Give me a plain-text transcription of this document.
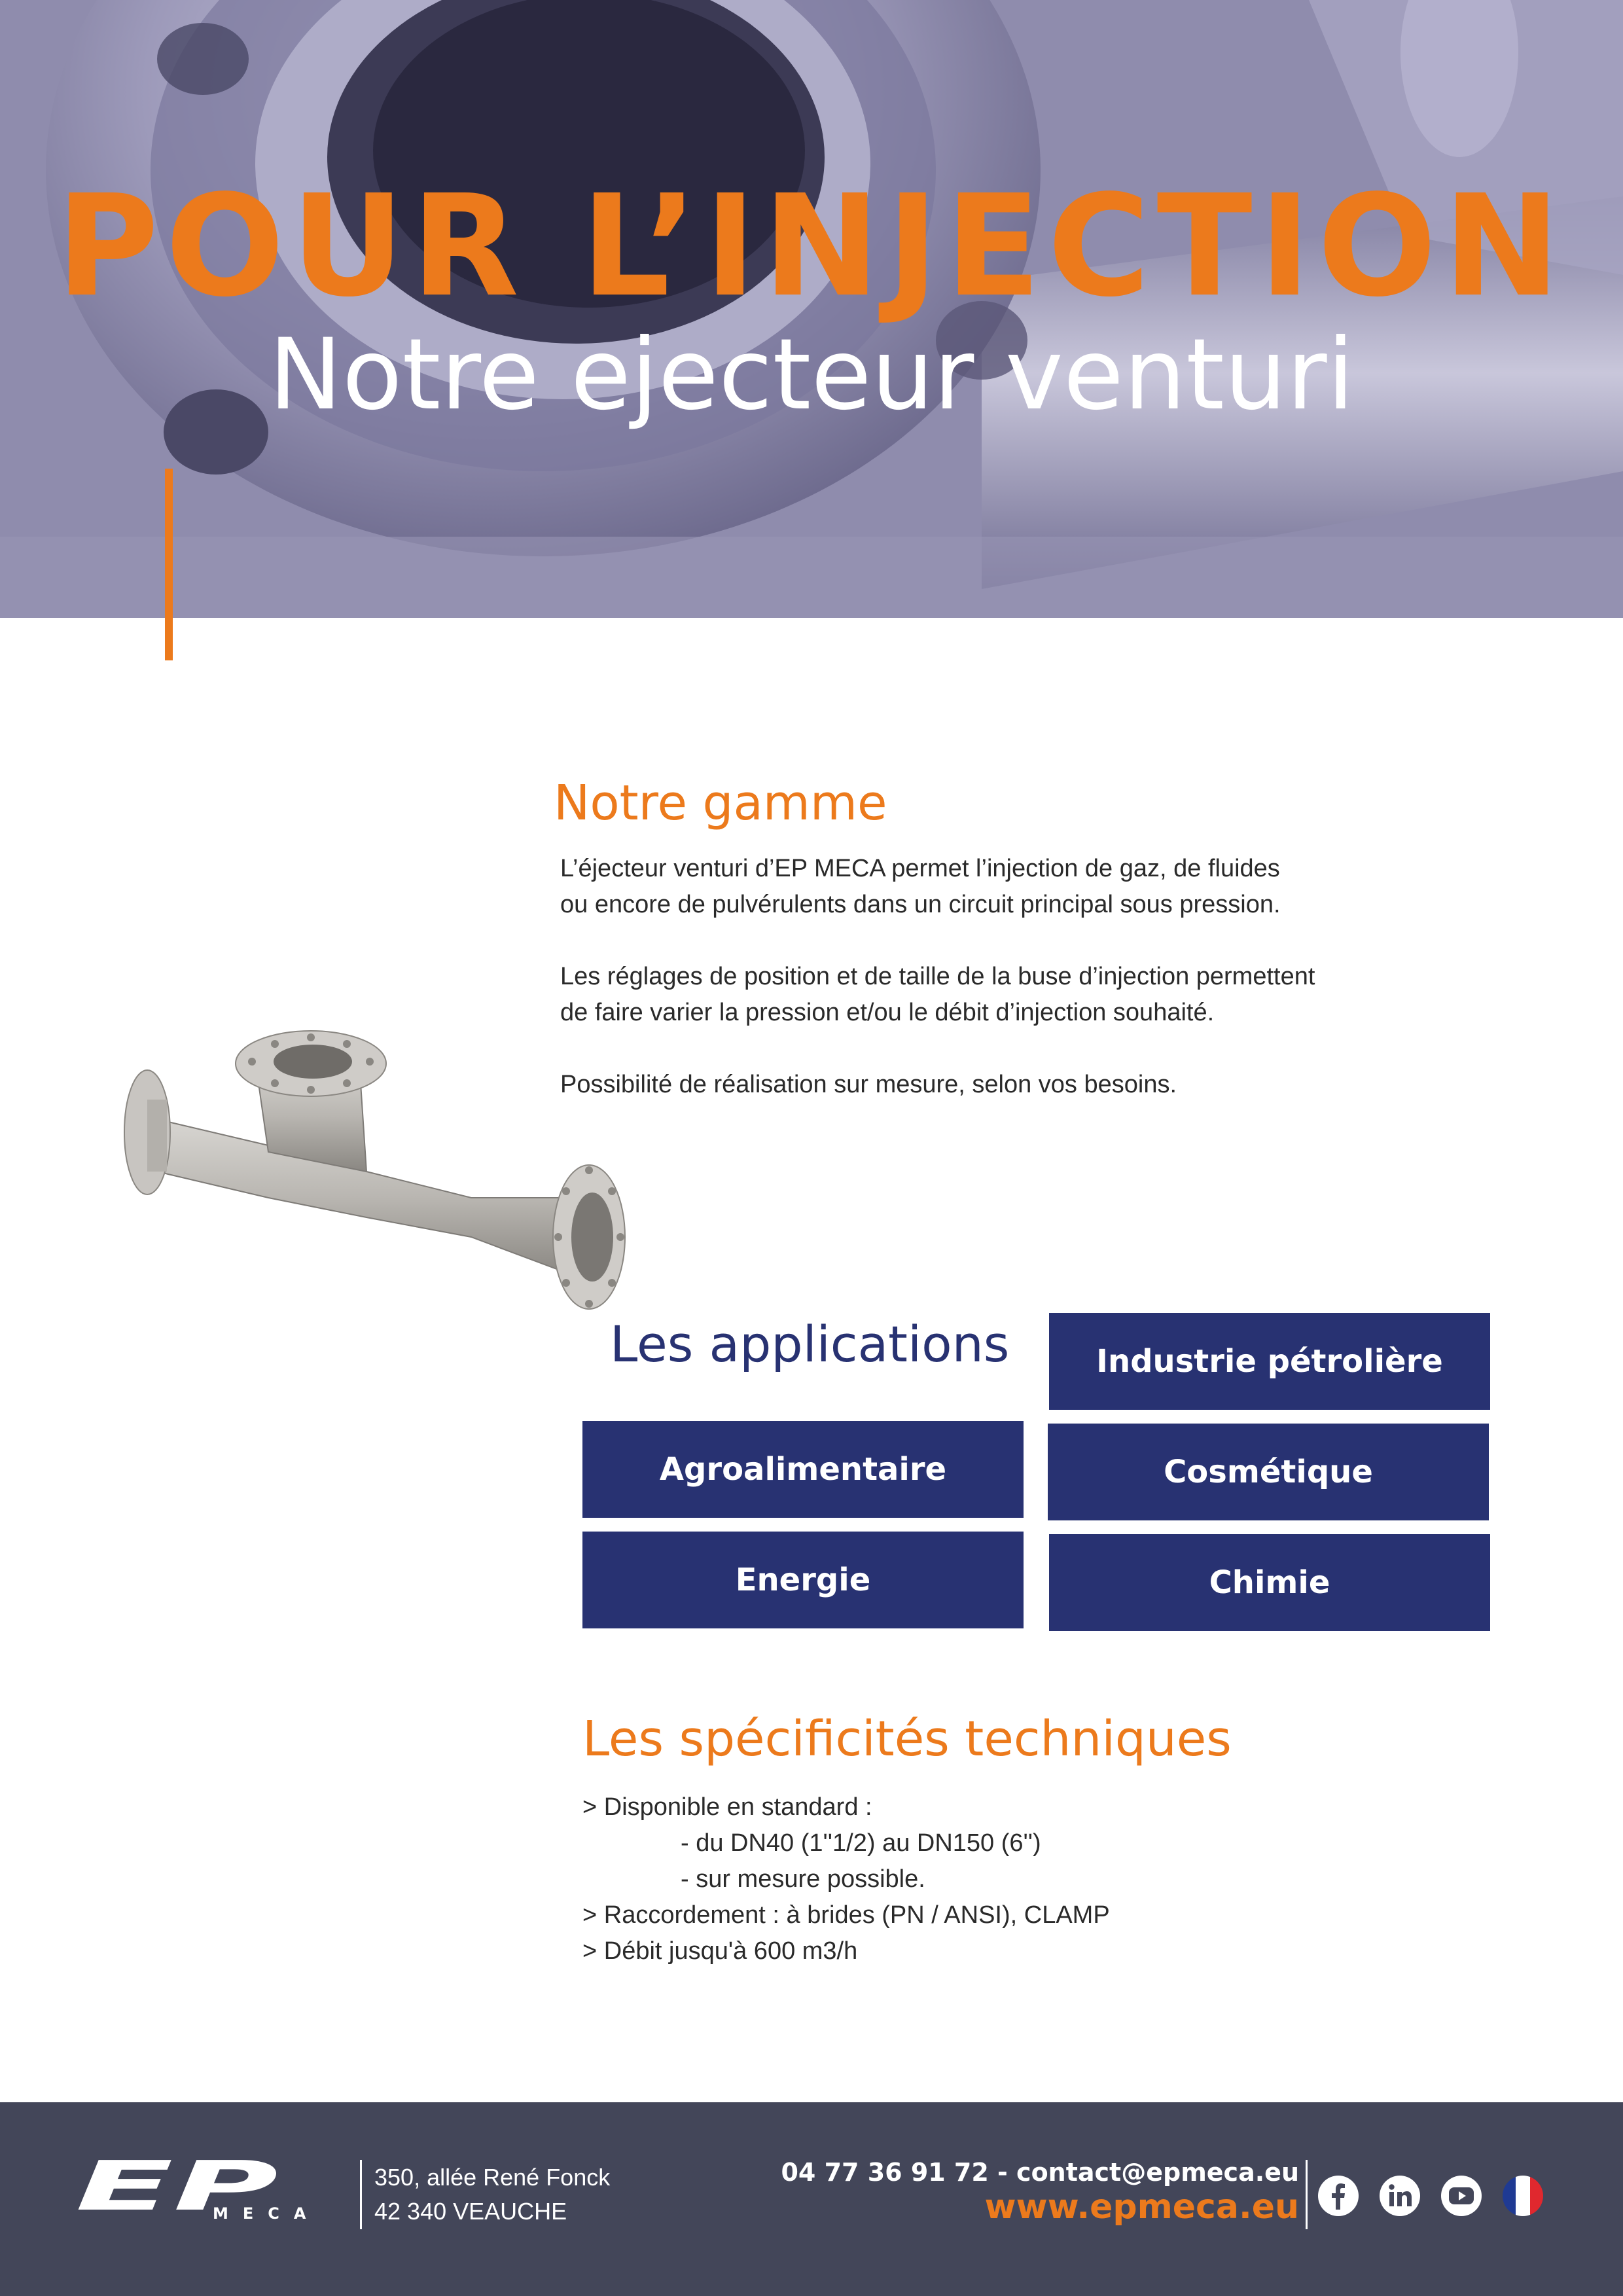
POUR L’INJECTION
Notre ejecteur venturi
Notre gamme

L’éjecteur venturi d’EP MECA permet l’injection de gaz, de fluides

ou encore de pulvérulents dans un circuit principal sous pression.

Les réglages de position et de taille de la buse d’injection permettent

de faire varier la pression et/ou le débit d’injection souhaité.

Possibilité de réalisation sur mesure, selon vos besoins.

Les applications	Industrie pétrolière
Agroalimentaire	Cosmétique
Energie	Chimie
Les spécificités techniques
> Disponible en standard :
- du DN40 (1''1/2) au DN150 (6'')
- sur mesure possible.
> Raccordement : à brides (PN / ANSI), CLAMP
> Débit jusqu'à 600 m3/h
EP
MECA
350, allée René Fonck
42 340 VEAUCHE
04 77 36 91 72 - contact@epmeca.eu
www.epmeca.eu
